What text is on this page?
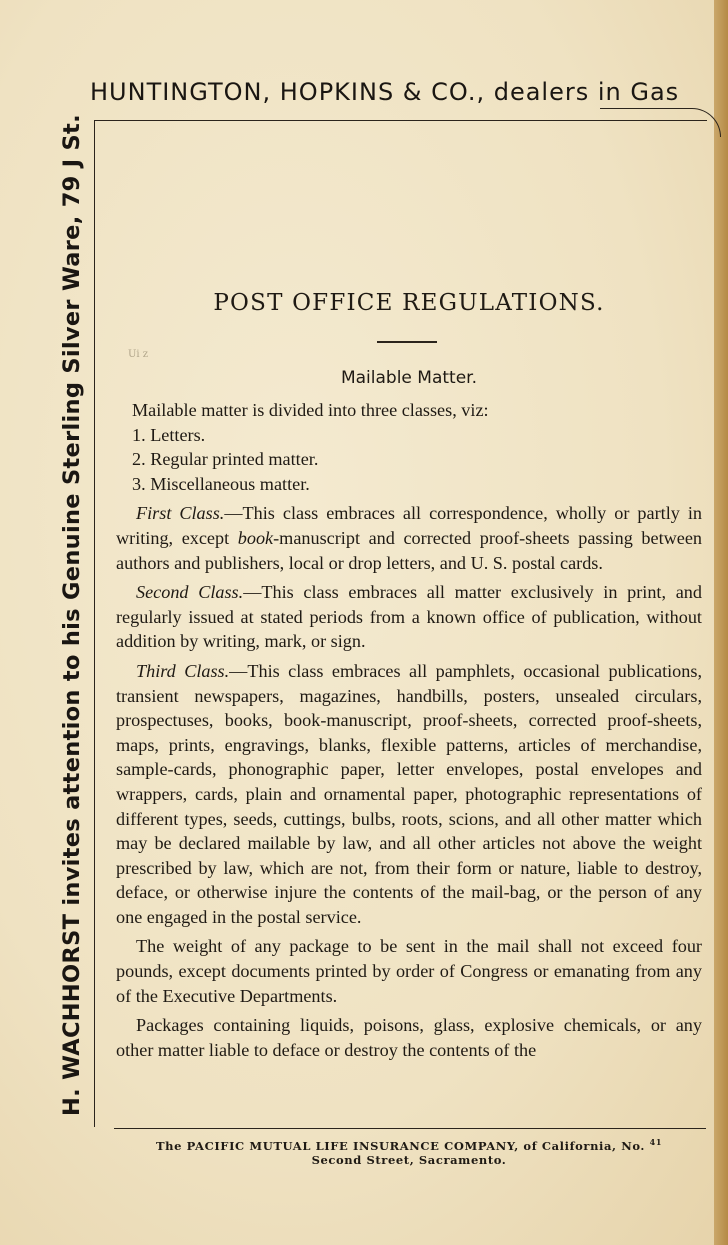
HUNTINGTON, HOPKINS & CO., dealers in Gas
H. WACHHORST invites attention to his Genuine Sterling Silver Ware, 79 J St.	POST OFFICE REGULATIONS.
Ui z
Mailable Matter.

Mailable matter is divided into three classes, viz:

1. Letters.

2. Regular printed matter.

3. Miscellaneous matter.

First Class.—This class embraces all correspondence, wholly or partly in writing, except book-manuscript and corrected proof-sheets passing between authors and publishers, local or drop letters, and U. S. postal cards.

Second Class.—This class embraces all matter exclusively in print, and regularly issued at stated periods from a known office of publication, without addition by writing, mark, or sign.

Third Class.—This class embraces all pamphlets, occasional publications, transient newspapers, magazines, handbills, posters, unsealed circulars, prospectuses, books, book-manuscript, proof-sheets, corrected proof-sheets, maps, prints, engravings, blanks, flexible patterns, articles of merchandise, sample-cards, phonographic paper, letter envelopes, postal envelopes and wrappers, cards, plain and ornamental paper, photographic representations of different types, seeds, cuttings, bulbs, roots, scions, and all other matter which may be declared mailable by law, and all other articles not above the weight prescribed by law, which are not, from their form or nature, liable to destroy, deface, or otherwise injure the contents of the mail-bag, or the person of any one engaged in the postal service.

The weight of any package to be sent in the mail shall not exceed four pounds, except documents printed by order of Congress or emanating from any of the Executive Departments.

Packages containing liquids, poisons, glass, explosive chemicals, or any other matter liable to deface or destroy the contents of the

The PACIFIC MUTUAL LIFE INSURANCE COMPANY, of California, No. $^{41}$
Second Street, Sacramento.
